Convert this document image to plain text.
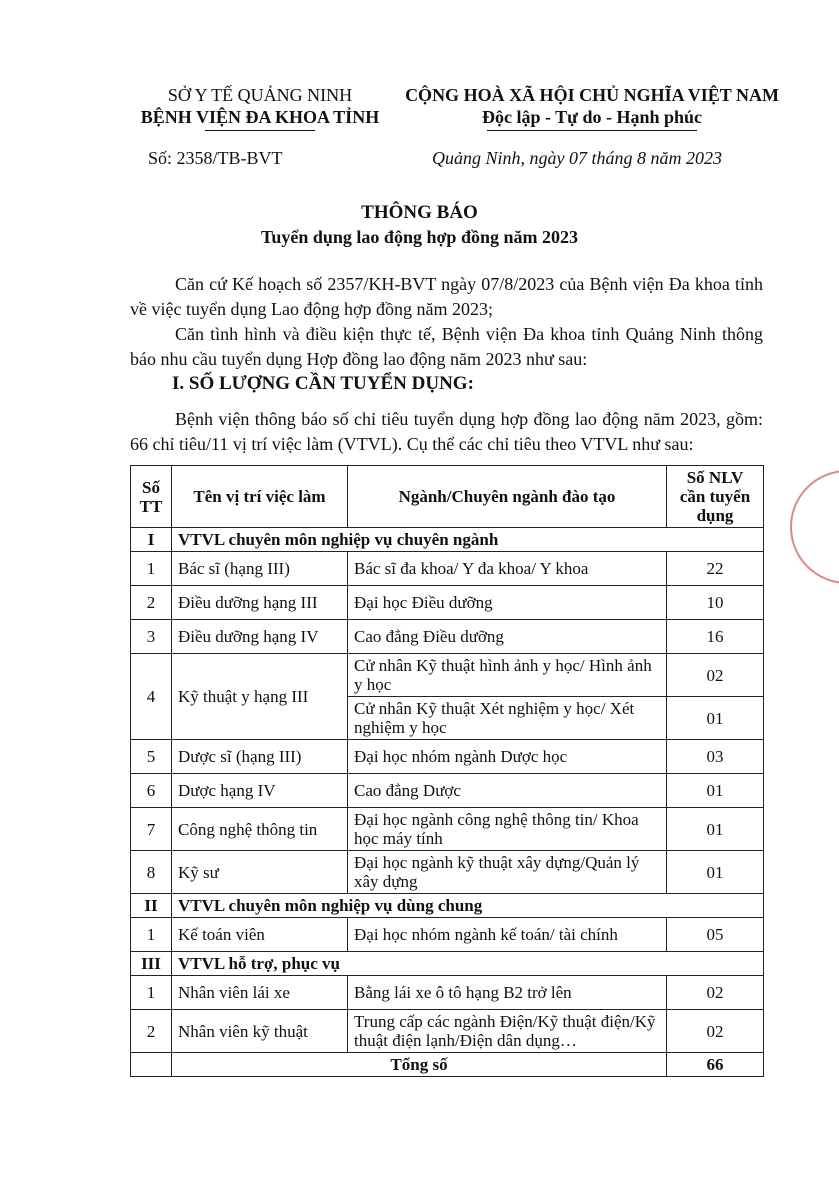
SỞ Y TẾ QUẢNG NINH
BỆNH VIỆN ĐA KHOA TỈNH
CỘNG HOÀ XÃ HỘI CHỦ NGHĨA VIỆT NAM
Độc lập - Tự do - Hạnh phúc
Số: 2358/TB-BVT	Quảng Ninh, ngày 07 tháng 8 năm 2023
THÔNG BÁO
Tuyển dụng lao động hợp đồng năm 2023
Căn cứ Kế hoạch số 2357/KH-BVT ngày 07/8/2023 của Bệnh viện Đa khoa tỉnh về việc tuyển dụng Lao động hợp đồng năm 2023;
Căn tình hình và điều kiện thực tế, Bệnh viện Đa khoa tỉnh Quảng Ninh thông báo nhu cầu tuyển dụng Hợp đồng lao động năm 2023 như sau:
I. SỐ LƯỢNG CẦN TUYỂN DỤNG:
Bệnh viện thông báo số chỉ tiêu tuyển dụng hợp đồng lao động năm 2023, gồm: 66 chỉ tiêu/11 vị trí việc làm (VTVL). Cụ thể các chỉ tiêu theo VTVL như sau:
Số TT	Tên vị trí việc làm	Ngành/Chuyên ngành đào tạo	Số NLV cần tuyển dụng
I	VTVL chuyên môn nghiệp vụ chuyên ngành		
1	Bác sĩ (hạng III)	Bác sĩ đa khoa/ Y đa khoa/ Y khoa	22
2	Điều dưỡng hạng III	Đại học Điều dưỡng	10
3	Điều dưỡng hạng IV	Cao đẳng Điều dưỡng	16
4	Kỹ thuật y hạng III	Cử nhân Kỹ thuật hình ảnh y học/ Hình ảnh y học	02
		Cử nhân Kỹ thuật Xét nghiệm y học/ Xét nghiệm y học	01
5	Dược sĩ (hạng III)	Đại học nhóm ngành Dược học	03
6	Dược hạng IV	Cao đẳng Dược	01
7	Công nghệ thông tin	Đại học ngành công nghệ thông tin/ Khoa học máy tính	01
8	Kỹ sư	Đại học ngành kỹ thuật xây dựng/Quản lý xây dựng	01
II	VTVL chuyên môn nghiệp vụ dùng chung		
1	Kế toán viên	Đại học nhóm ngành kế toán/ tài chính	05
III	VTVL hỗ trợ, phục vụ		
1	Nhân viên lái xe	Bằng lái xe ô tô hạng B2 trở lên	02
2	Nhân viên kỹ thuật	Trung cấp các ngành Điện/Kỹ thuật điện/Kỹ thuật điện lạnh/Điện dân dụng…	02
	Tổng số		66
